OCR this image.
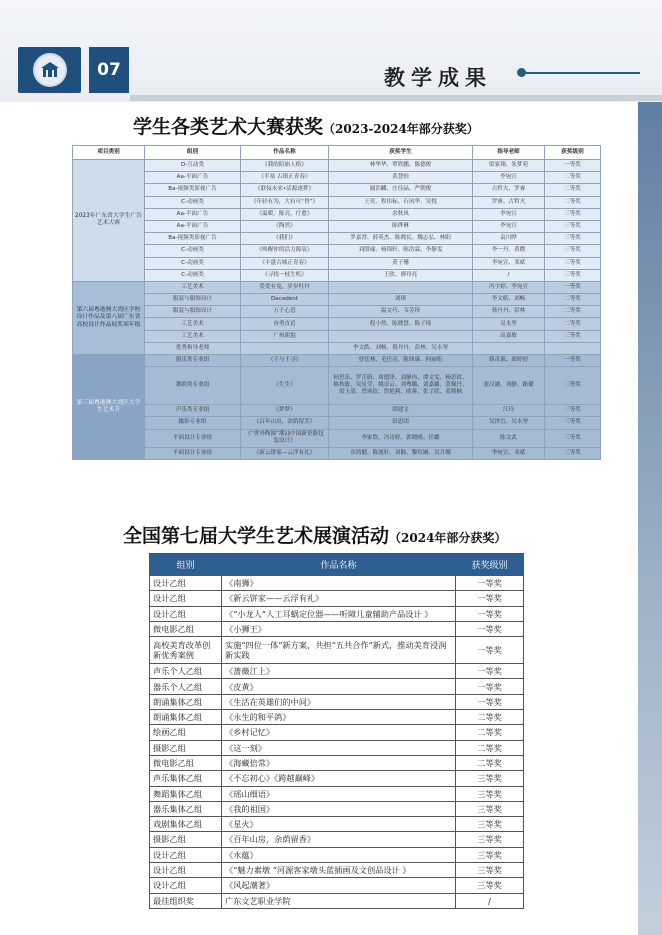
07	教学成果
学生各类艺术大赛获奖（2023-2024年部分获奖）
项目类别	组别	作品名称	获奖学生	指导老师	获奖级别
2023年广东省大学生广告艺术大赛	D-互动类	《我的陪崩人格》	林华华、覃欣鹏、陈德俊	梁家翔、朱梦苑	一等奖
	Aa-平面广告	《半塞 古镇正青春》	黄慧怡	李宛宣	二等奖
	Ba-视频类影视广告	《联接未来•活源逐梦》	谢浩麟、庄佳晶、严朝俊	古哲夫、罗睿	二等奖
	C-动画类	《年轻有为，大有可“胃”》	王奕、程伟标、石凤华、吴悦	罗睿、古哲夫	二等奖
	Aa-平面广告	《温暖、陈亮、疗愈》	余秋凤	李宛宣	三等奖
	Aa-平面广告	《陶然》	陈烨琳	李宛宣	三等奖
	Ba-视频类影视广告	《我们》	罗嘉澄、薛英杰、陈晓民、魏志弘、林阳	袁川晔	三等奖
	C-动画类	《唤醒你的活力源泉》	刘殷瑜、杨锦轩、陈浩霖、李静雯	李一丹、黄微	三等奖
	C-动画类	《丰盛古城正青春》	黄子珊	李宛宣、邓斌	三等奖
	C-动画类	《寻找一枝生机》	王欣、廖玲亮	/	三等奖
第六届粤港澳大湾区学校设计作品及第八届广东省高校设计作品展奖项年级	工艺美术	爱爱有兔，岁岁牡丹		冯宇婷、李宛宣	一等奖
	服装与服饰设计	Decadent	刘琪	李文皓、刘畅	二等奖
	服装与服饰设计	万千心意	温文巧、韦芳珍	蔡丹丹、彭林	二等奖
	工艺美术	奋勇直追	倪小然、陈晓慧、陈子琦	吴永坚	二等奖
	工艺美术	广州新貌		高嘉敏	三等奖
	优秀指导老师		李文皓、刘畅、蔡丹丹、彭林、吴永坚		
第三届粤港澳大湾区大学生艺术节	器乐类专业组	《千与千寻》	曾廷林、毛任亮、陈伟康、何丽衔	蔡奇源、邱婷婷	一等奖
	舞蹈类专业组	《生生》	何思乐、罗芷蔚、周德泽、刘静冉、谭文雯、杨思钦、陈秋敏、吴星莹、姚卓云、刘粤璐、刘嘉璐、黄佩丹、梁玉清、曾琦钦、詹艳莉、欧蓉、张子欣、邓熙枫	张汉涵、刘静、路璐	二等奖
	声乐类专业组	《梦梦》	胡建文	江玲	三等奖
	摄影专业组	《百年山房，余荫留芳》	田思团	吴泽宜、吴永坚	三等奖
	平面设计专业组	《“世外陶源”潮汕中国新瓷器包装设计》	李家欣、冯诗婷、郭晓晴、任璐	陈文武	三等奖
	平面设计专业组	《新云饼家—云浮有礼》	章鸿健、陈逸轩、刘颖、黎钰娴、吴月娜	李宛宣、邓斌	三等奖
全国第七届大学生艺术展演活动（2024年部分获奖）
组别	作品名称	获奖级别
设计乙组	《南狮》	一等奖
设计乙组	《新云饼家——云浮有礼》	一等奖
设计乙组	《“小龙人”人工耳蜗定位器——听障儿童辅助产品设计 》	一等奖
微电影乙组	《小狮王》	一等奖
高校美育改革创新优秀案例	实施“四位一体”新方案，共担“五共合作”新式，推动美育浸润新实践	一等奖
声乐个人乙组	《蔷薇江上》	一等奖
器乐个人乙组	《皮黄》	一等奖
朗诵集体乙组	《生活在英雄们的中间》	一等奖
朗诵集体乙组	《永生的和平鸽》	二等奖
绘画乙组	《乡村记忆》	二等奖
摄影乙组	《这一刻》	二等奖
微电影乙组	《海藏倍常》	二等奖
声乐集体乙组	《不忘初心》《跨越巅峰》	三等奖
舞蹈集体乙组	《瑶山细语》	三等奖
器乐集体乙组	《我的祖国》	三等奖
戏剧集体乙组	《星火》	三等奖
摄影乙组	《百年山房，余荫留香》	三等奖
设计乙组	《水蕴》	三等奖
设计乙组	《“魅力素墩 ”河源客家墩头蓝插画及文创品设计 》	三等奖
设计乙组	《风起潮著》	三等奖
最佳组织奖	广东文艺职业学院	/
